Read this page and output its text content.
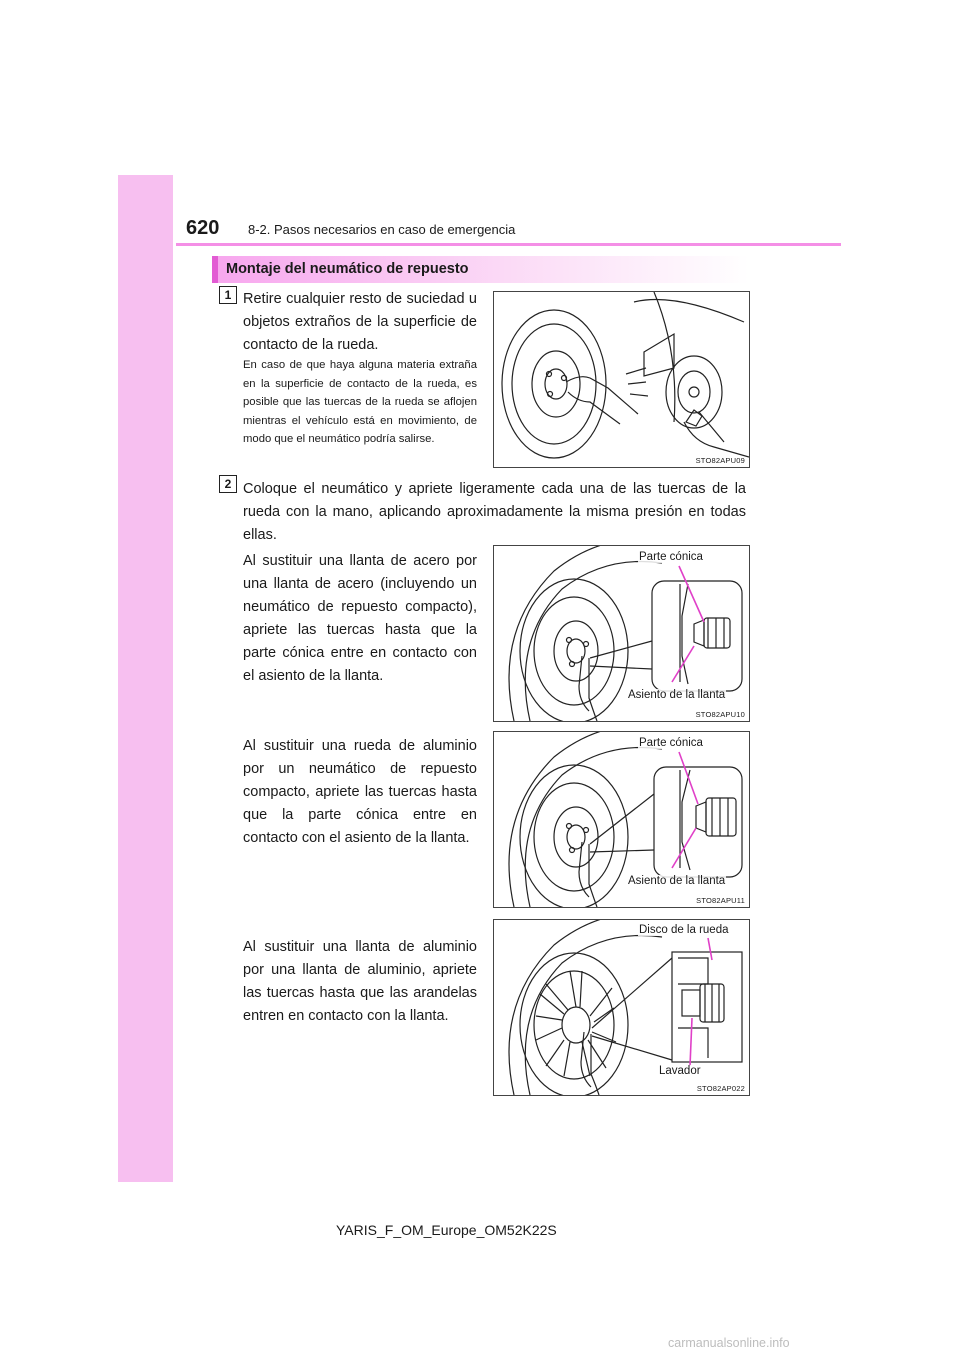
620 8-2. Pasos necesarios en caso de emergencia
Montaje del neumático de repuesto
1 Retire cualquier resto de suciedad u objetos extraños de la superficie de contacto de la rueda.

En caso de que haya alguna materia extraña en la superficie de contacto de la rueda, es posible que las tuercas de la rueda se aflojen mientras el vehículo está en movimiento, de modo que el neumático podría salirse.

STO82APU09
2 Coloque el neumático y apriete ligeramente cada una de las tuercas de la rueda con la mano, aplicando aproximadamente la misma presión en todas ellas.

Al sustituir una llanta de acero por una llanta de acero (incluyendo un neumático de repuesto compacto), apriete las tuercas hasta que la parte cónica entre en contacto con el asiento de la llanta.

Parte cónica
Asiento de la llanta
STO82APU10

Al sustituir una rueda de aluminio por un neumático de repuesto compacto, apriete las tuercas hasta que la parte cónica entre en contacto con el asiento de la llanta.

Parte cónica
Asiento de la llanta
STO82APU11

Al sustituir una llanta de aluminio por una llanta de aluminio, apriete las tuercas hasta que las arandelas entren en contacto con la llanta.

Disco de la rueda
Lavador
STO82AP022
YARIS_F_OM_Europe_OM52K22S
carmanualsonline.info
